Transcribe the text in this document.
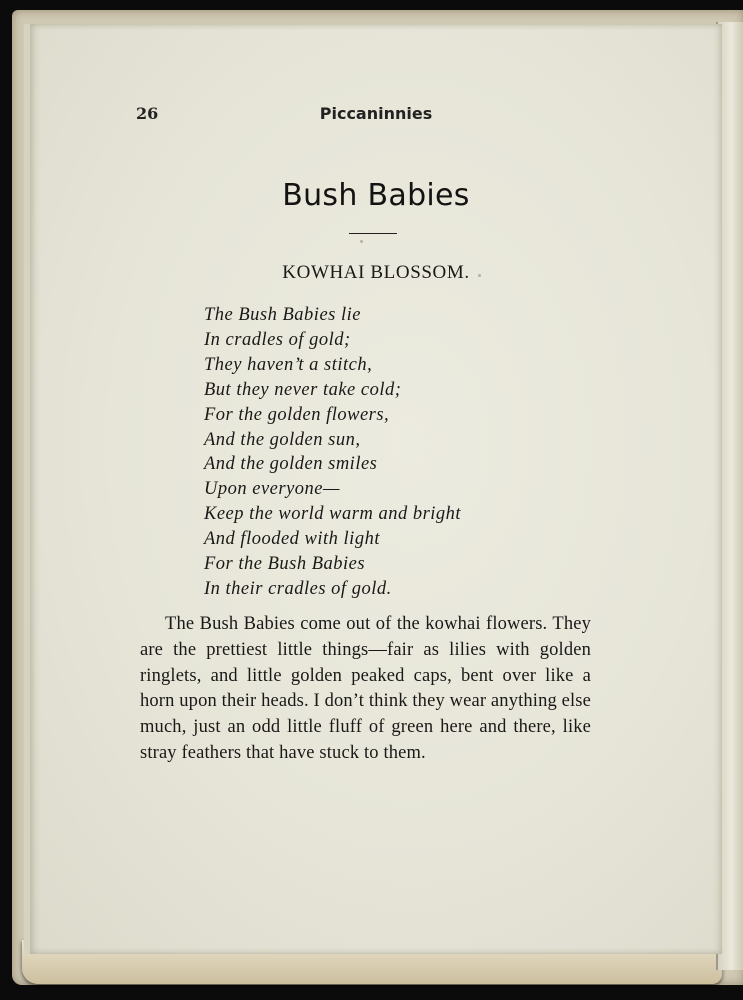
26	Piccaninnies
Bush Babies
KOWHAI BLOSSOM.
The Bush Babies lie
In cradles of gold;
They haven’t a stitch,
But they never take cold;
For the golden flowers,
And the golden sun,
And the golden smiles
Upon everyone—
Keep the world warm and bright
And flooded with light
For the Bush Babies
In their cradles of gold.

The Bush Babies come out of the kowhai flowers. They are the prettiest little things—fair as lilies with golden ringlets, and little golden peaked caps, bent over like a horn upon their heads. I don’t think they wear anything else much, just an odd little fluff of green here and there, like stray feathers that have stuck to them.
